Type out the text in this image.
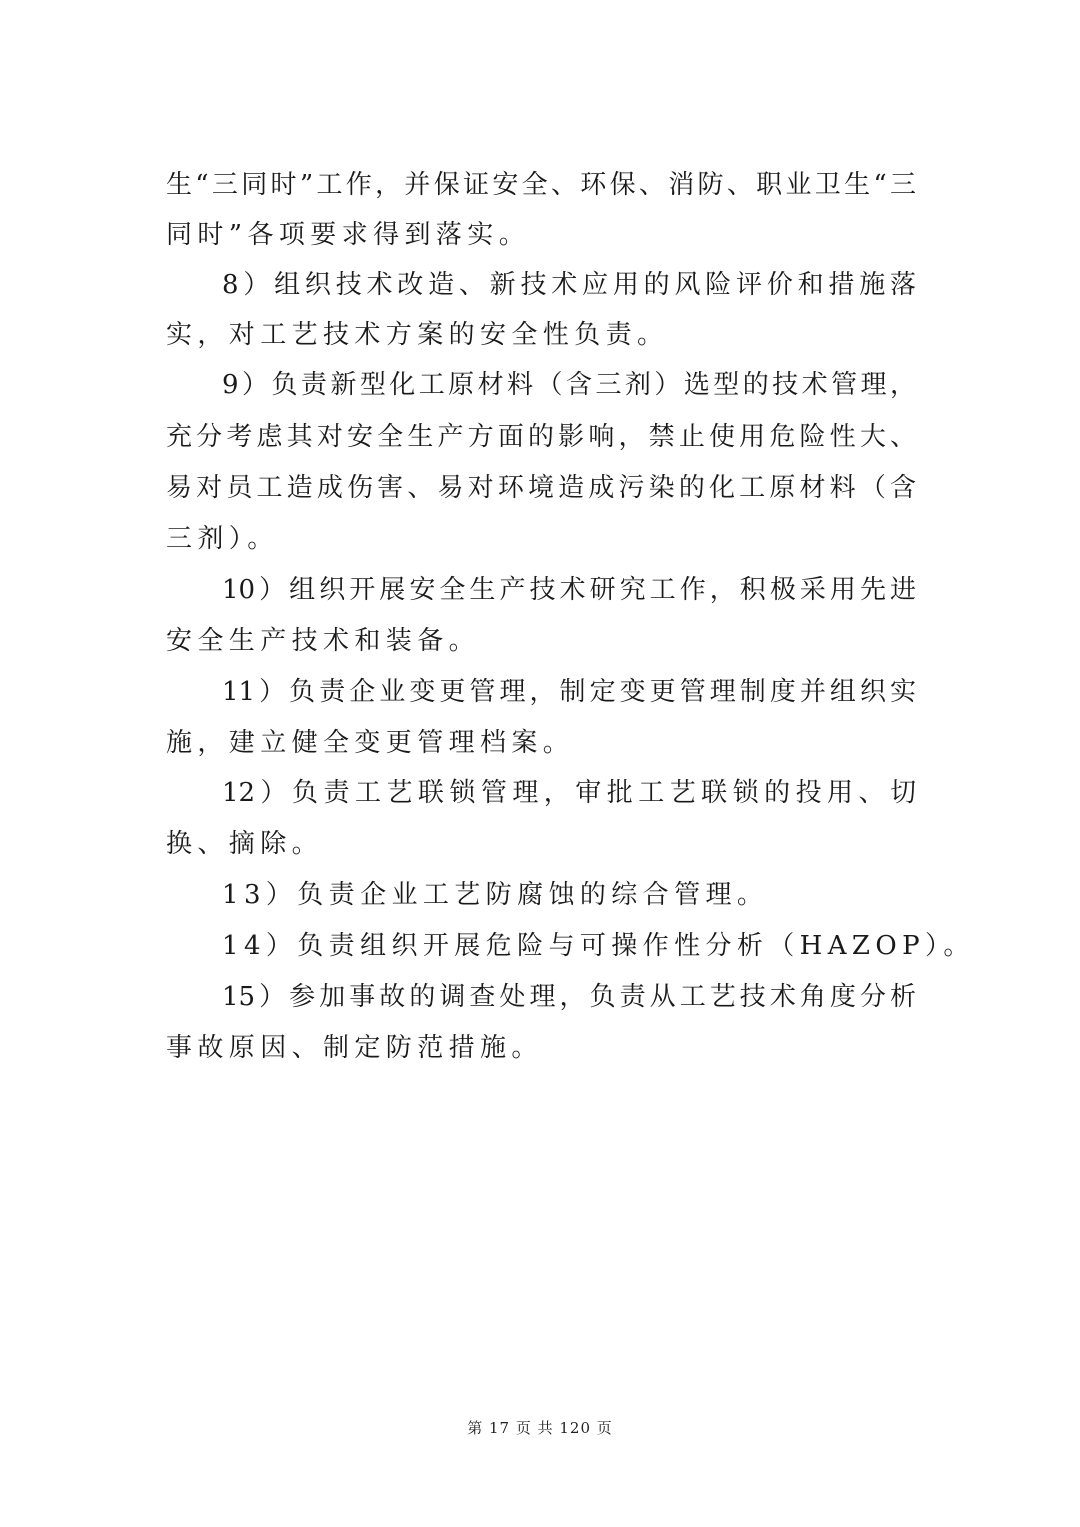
生“三同时”工作，并保证安全、环保、消防、职业卫生“三
同时”各项要求得到落实。
8）组织技术改造、新技术应用的风险评价和措施落
实，对工艺技术方案的安全性负责。
9）负责新型化工原材料（含三剂）选型的技术管理，
充分考虑其对安全生产方面的影响，禁止使用危险性大、
易对员工造成伤害、易对环境造成污染的化工原材料（含
三剂）。
10）组织开展安全生产技术研究工作，积极采用先进
安全生产技术和装备。
11）负责企业变更管理，制定变更管理制度并组织实
施，建立健全变更管理档案。
12）负责工艺联锁管理，审批工艺联锁的投用、切
换、摘除。
13）负责企业工艺防腐蚀的综合管理。
14）负责组织开展危险与可操作性分析（HAZOP）。
15）参加事故的调查处理，负责从工艺技术角度分析
事故原因、制定防范措施。
第 17 页 共 120 页
